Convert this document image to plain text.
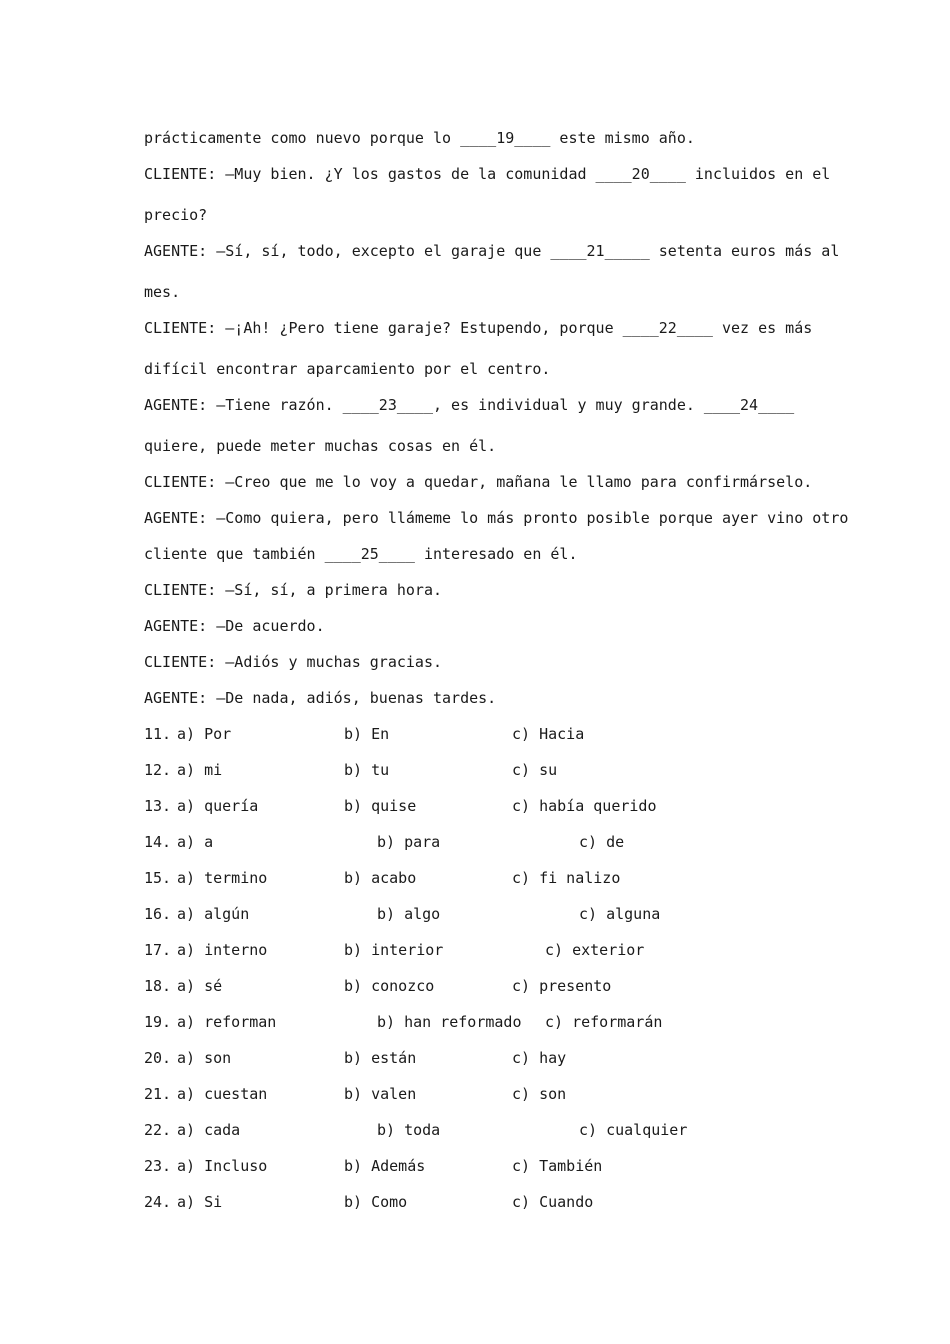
prácticamente como nuevo porque lo ____19____ este mismo año.
CLIENTE: –Muy bien. ¿Y los gastos de la comunidad ____20____ incluidos en el
precio?
AGENTE: –Sí, sí, todo, excepto el garaje que ____21_____ setenta euros más al
mes.
CLIENTE: –¡Ah! ¿Pero tiene garaje? Estupendo, porque ____22____ vez es más
difícil encontrar aparcamiento por el centro.
AGENTE: –Tiene razón. ____23____, es individual y muy grande. ____24____
quiere, puede meter muchas cosas en él.
CLIENTE: –Creo que me lo voy a quedar, mañana le llamo para confirmárselo.
AGENTE: –Como quiera, pero llámeme lo más pronto posible porque ayer vino otro
cliente que también ____25____ interesado en él.
CLIENTE: –Sí, sí, a primera hora.
AGENTE: –De acuerdo.
CLIENTE: –Adiós y muchas gracias.
AGENTE: –De nada, adiós, buenas tardes.
11. a) Por	b) En	c) Hacia
12. a) mi	b) tu	c) su
13. a) quería	b) quise	c) había querido
14. a) a	b) para	c) de
15. a) termino	b) acabo	c) fi nalizo
16. a) algún	b) algo	c) alguna
17. a) interno	b) interior	c) exterior
18. a) sé	b) conozco	c) presento
19. a) reforman	b) han reformado c) reformarán
20. a) son	b) están	c) hay
21. a) cuestan	b) valen	c) son
22. a) cada	b) toda	c) cualquier
23. a) Incluso	b) Además	c) También
24. a) Si	b) Como	c) Cuando
